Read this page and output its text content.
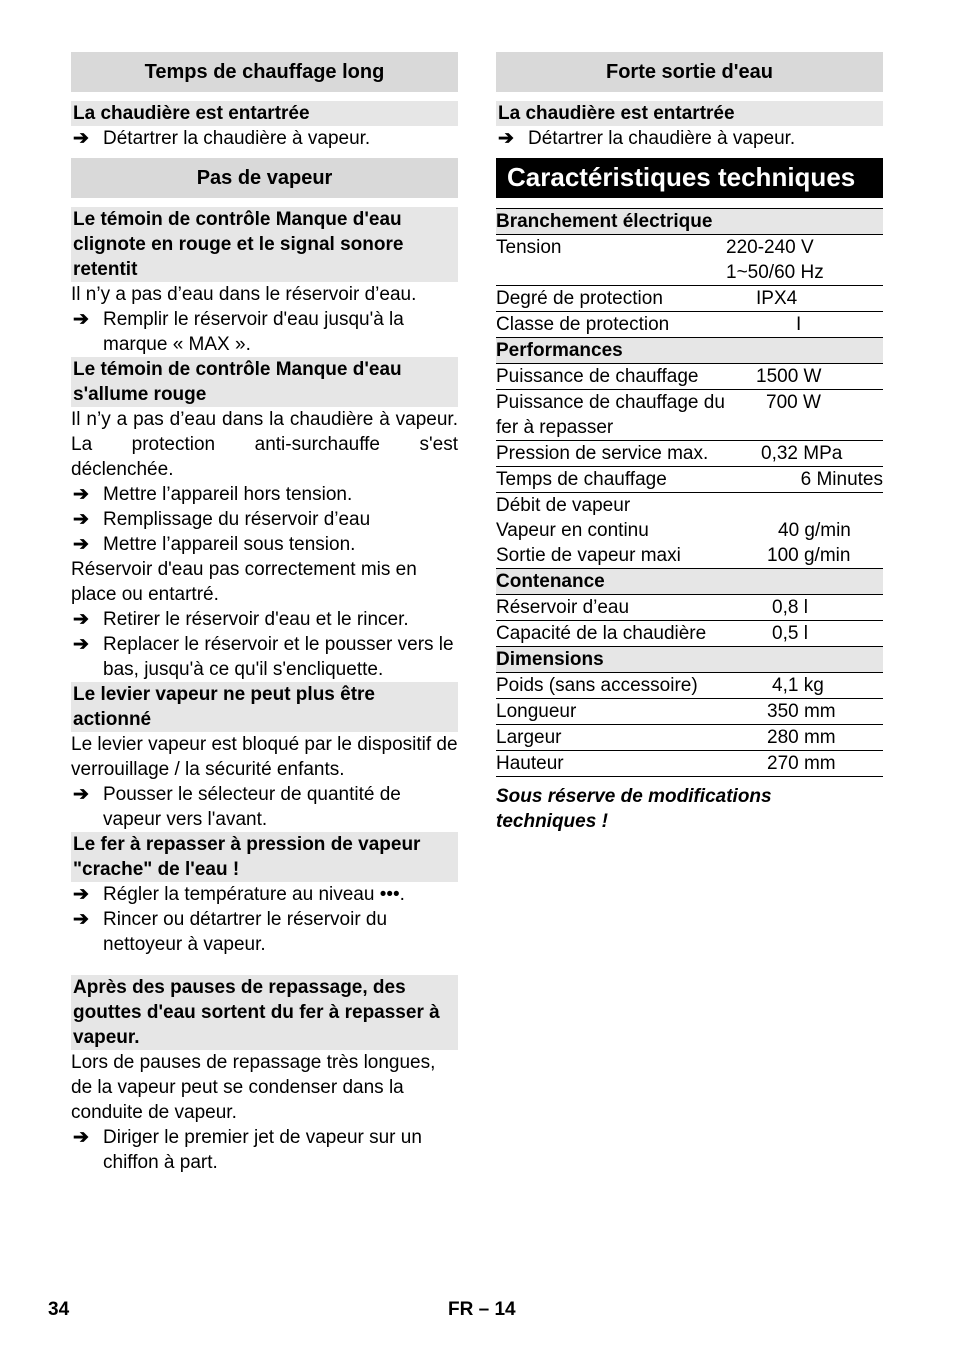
Temps de chauffage long
La chaudière est entartrée
➔ Détartrer la chaudière à vapeur.
Pas de vapeur
Le témoin de contrôle Manque d'eau clignote en rouge et le signal sonore retentit

Il n’y a pas d’eau dans le réservoir d’eau.

➔ Remplir le réservoir d'eau jusqu'à la marque « MAX ».
Le témoin de contrôle Manque d'eau s'allume rouge

Il n’y a pas d’eau dans la chaudière à vapeur. La protection anti-surchauffe s'est déclenchée.

➔ Mettre l’appareil hors tension.
➔ Remplissage du réservoir d’eau
➔ Mettre l’appareil sous tension.

Réservoir d'eau pas correctement mis en place ou entartré.

➔ Retirer le réservoir d'eau et le rincer.
➔ Replacer le réservoir et le pousser vers le bas, jusqu'à ce qu'il s'encliquette.
Le levier vapeur ne peut plus être actionné

Le levier vapeur est bloqué par le dispositif de verrouillage / la sécurité enfants.

➔ Pousser le sélecteur de quantité de vapeur vers l'avant.
Le fer à repasser à pression de vapeur "crache" de l'eau !
➔ Régler la température au niveau •••.
➔ Rincer ou détartrer le réservoir du nettoyeur à vapeur.
Après des pauses de repassage, des gouttes d'eau sortent du fer à repasser à vapeur.

Lors de pauses de repassage très longues, de la vapeur peut se condenser dans la conduite de vapeur.

➔ Diriger le premier jet de vapeur sur un chiffon à part.
Forte sortie d'eau
La chaudière est entartrée
➔ Détartrer la chaudière à vapeur.
Caractéristiques techniques
Branchement électrique	
Tension	220-240 V
1~50/60 Hz
Degré de protection	IPX4
Classe de protection	I
Performances	
Puissance de chauffage	1500 W
Puissance de chauffage du fer à repasser	700 W
Pression de service max.	0,32 MPa
Temps de chauffage	6 Minutes
Débit de vapeur	
Vapeur en continu	40 g/min
Sortie de vapeur maxi	100 g/min
Contenance	
Réservoir d’eau	0,8 l
Capacité de la chaudière	0,5 l
Dimensions	
Poids (sans accessoire)	4,1 kg
Longueur	350 mm
Largeur	280 mm
Hauteur	270 mm

Sous réserve de modifications techniques !

34	FR – 14
